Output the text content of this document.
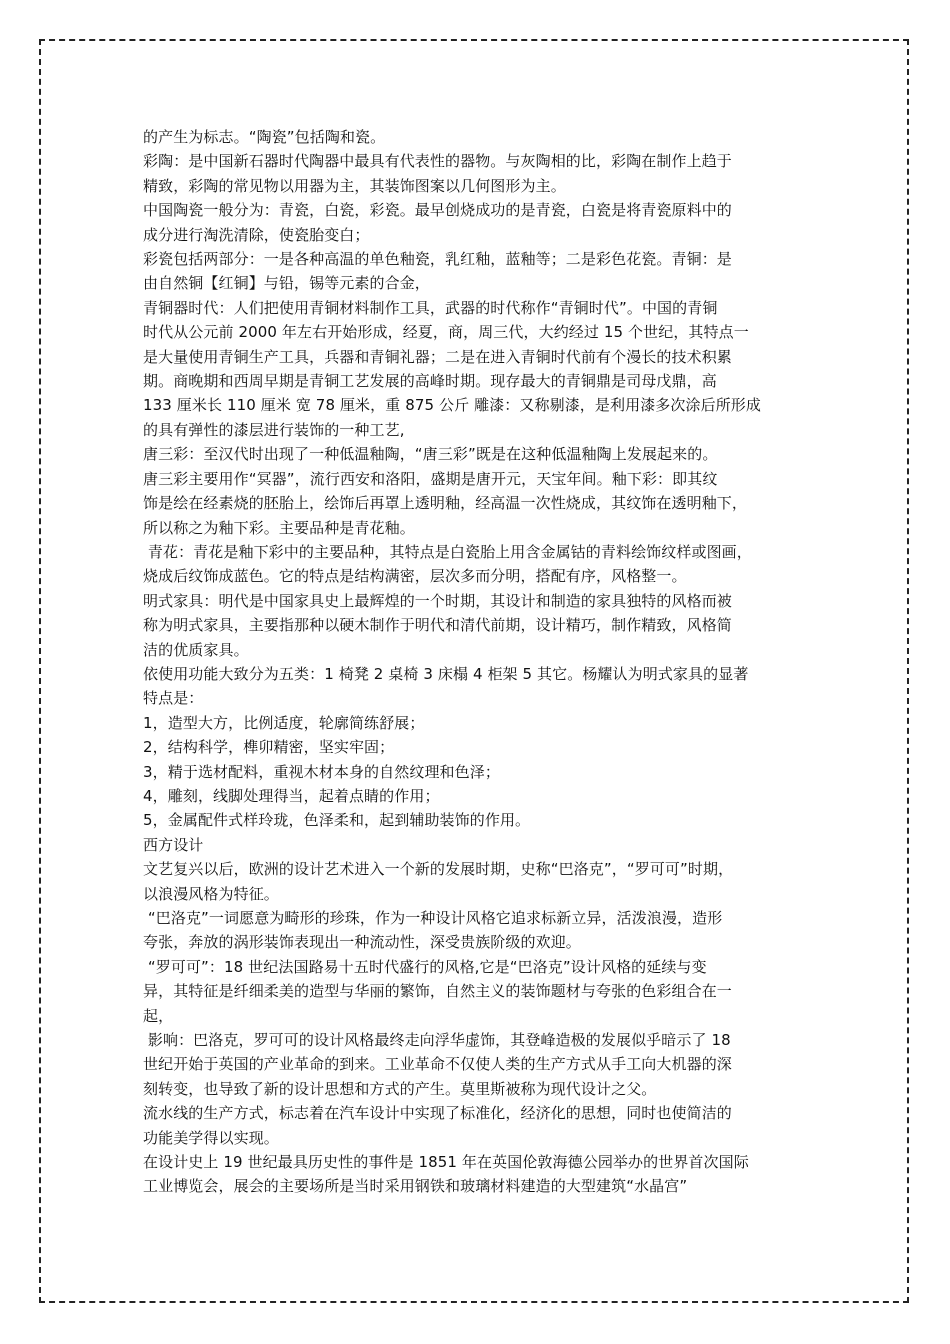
的产生为标志。“陶瓷”包括陶和瓷。

彩陶：是中国新石器时代陶器中最具有代表性的器物。与灰陶相的比，彩陶在制作上趋于

精致，彩陶的常见物以用器为主，其装饰图案以几何图形为主。

中国陶瓷一般分为：青瓷，白瓷，彩瓷。最早创烧成功的是青瓷，白瓷是将青瓷原料中的

成分进行淘洗清除，使瓷胎变白；

彩瓷包括两部分：一是各种高温的单色釉瓷，乳红釉，蓝釉等；二是彩色花瓷。青铜：是

由自然铜【红铜】与铅，锡等元素的合金，

青铜器时代：人们把使用青铜材料制作工具，武器的时代称作“青铜时代”。中国的青铜

时代从公元前 2000 年左右开始形成，经夏，商，周三代，大约经过 15 个世纪，其特点一

是大量使用青铜生产工具，兵器和青铜礼器；二是在进入青铜时代前有个漫长的技术积累

期。商晚期和西周早期是青铜工艺发展的高峰时期。现存最大的青铜鼎是司母戊鼎，高

133 厘米长 110 厘米 宽 78 厘米，重 875 公斤 雕漆：又称剔漆，是利用漆多次涂后所形成

的具有弹性的漆层进行装饰的一种工艺,

唐三彩：至汉代时出现了一种低温釉陶，“唐三彩”既是在这种低温釉陶上发展起来的。

唐三彩主要用作“冥器”，流行西安和洛阳，盛期是唐开元，天宝年间。釉下彩：即其纹

饰是绘在经素烧的胚胎上，绘饰后再罩上透明釉，经高温一次性烧成，其纹饰在透明釉下，

所以称之为釉下彩。主要品种是青花釉。

青花：青花是釉下彩中的主要品种，其特点是白瓷胎上用含金属钴的青料绘饰纹样或图画，

烧成后纹饰成蓝色。它的特点是结构满密，层次多而分明，搭配有序，风格整一。

明式家具：明代是中国家具史上最辉煌的一个时期，其设计和制造的家具独特的风格而被

称为明式家具，主要指那种以硬木制作于明代和清代前期，设计精巧，制作精致，风格简

洁的优质家具。

依使用功能大致分为五类：1 椅凳 2 桌椅 3 床榻 4 柜架 5 其它。杨耀认为明式家具的显著

特点是：

1，造型大方，比例适度，轮廓简练舒展；

2，结构科学，榫卯精密，坚实牢固；

3，精于选材配料，重视木材本身的自然纹理和色泽；

4，雕刻，线脚处理得当，起着点睛的作用；

5，金属配件式样玲珑，色泽柔和，起到辅助装饰的作用。

西方设计

文艺复兴以后，欧洲的设计艺术进入一个新的发展时期，史称“巴洛克”，“罗可可”时期，

以浪漫风格为特征。

“巴洛克”一词愿意为畸形的珍珠，作为一种设计风格它追求标新立异，活泼浪漫，造形

夸张，奔放的涡形装饰表现出一种流动性，深受贵族阶级的欢迎。

“罗可可”：18 世纪法国路易十五时代盛行的风格,它是“巴洛克”设计风格的延续与变

异，其特征是纤细柔美的造型与华丽的繁饰，自然主义的装饰题材与夸张的色彩组合在一

起，

影响：巴洛克，罗可可的设计风格最终走向浮华虚饰，其登峰造极的发展似乎暗示了 18

世纪开始于英国的产业革命的到来。工业革命不仅使人类的生产方式从手工向大机器的深

刻转变，也导致了新的设计思想和方式的产生。莫里斯被称为现代设计之父。

流水线的生产方式，标志着在汽车设计中实现了标准化，经济化的思想，同时也使简洁的

功能美学得以实现。

在设计史上 19 世纪最具历史性的事件是 1851 年在英国伦敦海德公园举办的世界首次国际

工业博览会，展会的主要场所是当时采用钢铁和玻璃材料建造的大型建筑“水晶宫”
